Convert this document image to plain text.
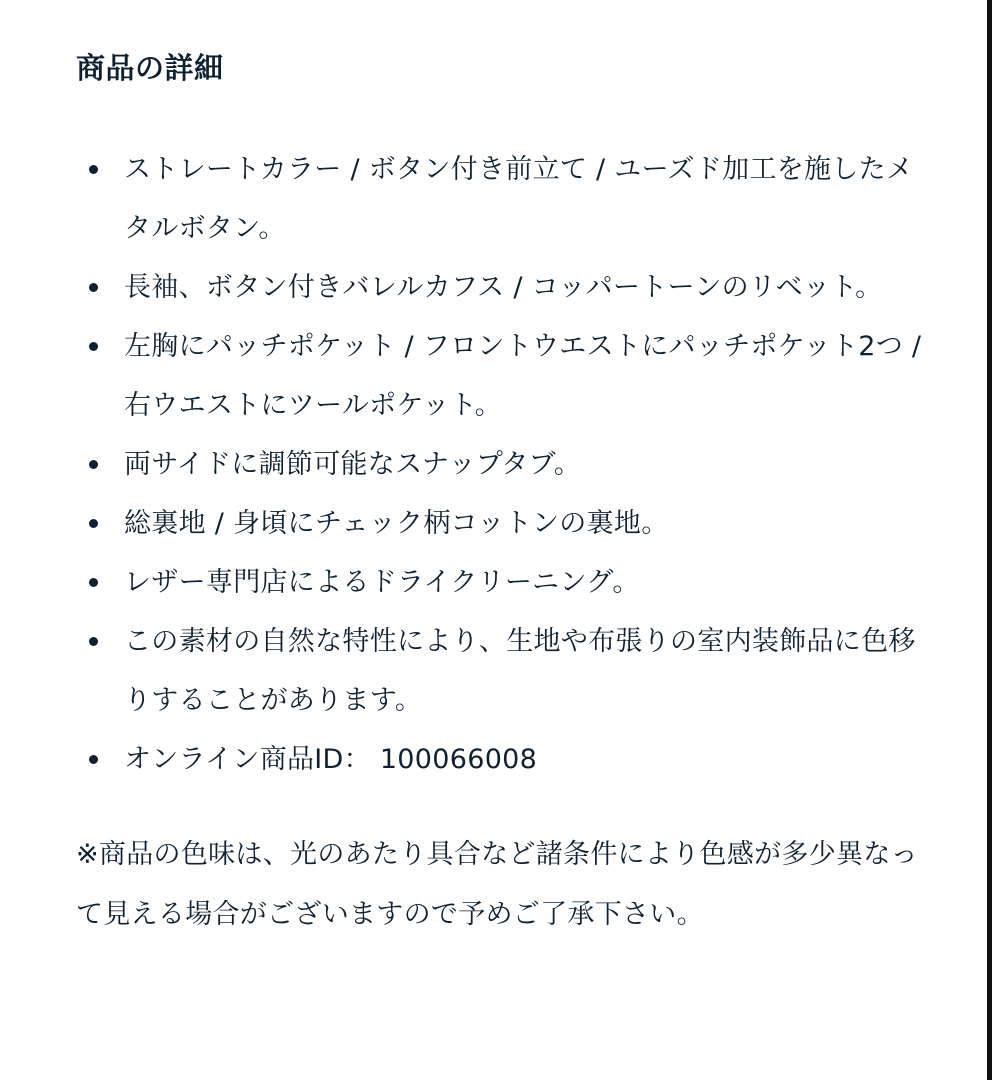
商品の詳細
ストレートカラー / ボタン付き前立て / ユーズド加工を施したメタルボタン。
長袖、ボタン付きバレルカフス / コッパートーンのリベット。
左胸にパッチポケット / フロントウエストにパッチポケット2つ / 右ウエストにツールポケット。
両サイドに調節可能なスナップタブ。
総裏地 / 身頃にチェック柄コットンの裏地。
レザー専門店によるドライクリーニング。
この素材の自然な特性により、生地や布張りの室内装飾品に色移りすることがあります。
オンライン商品ID： 100066008

※商品の色味は、光のあたり具合など諸条件により色感が多少異なって見える場合がございますので予めご了承下さい。
